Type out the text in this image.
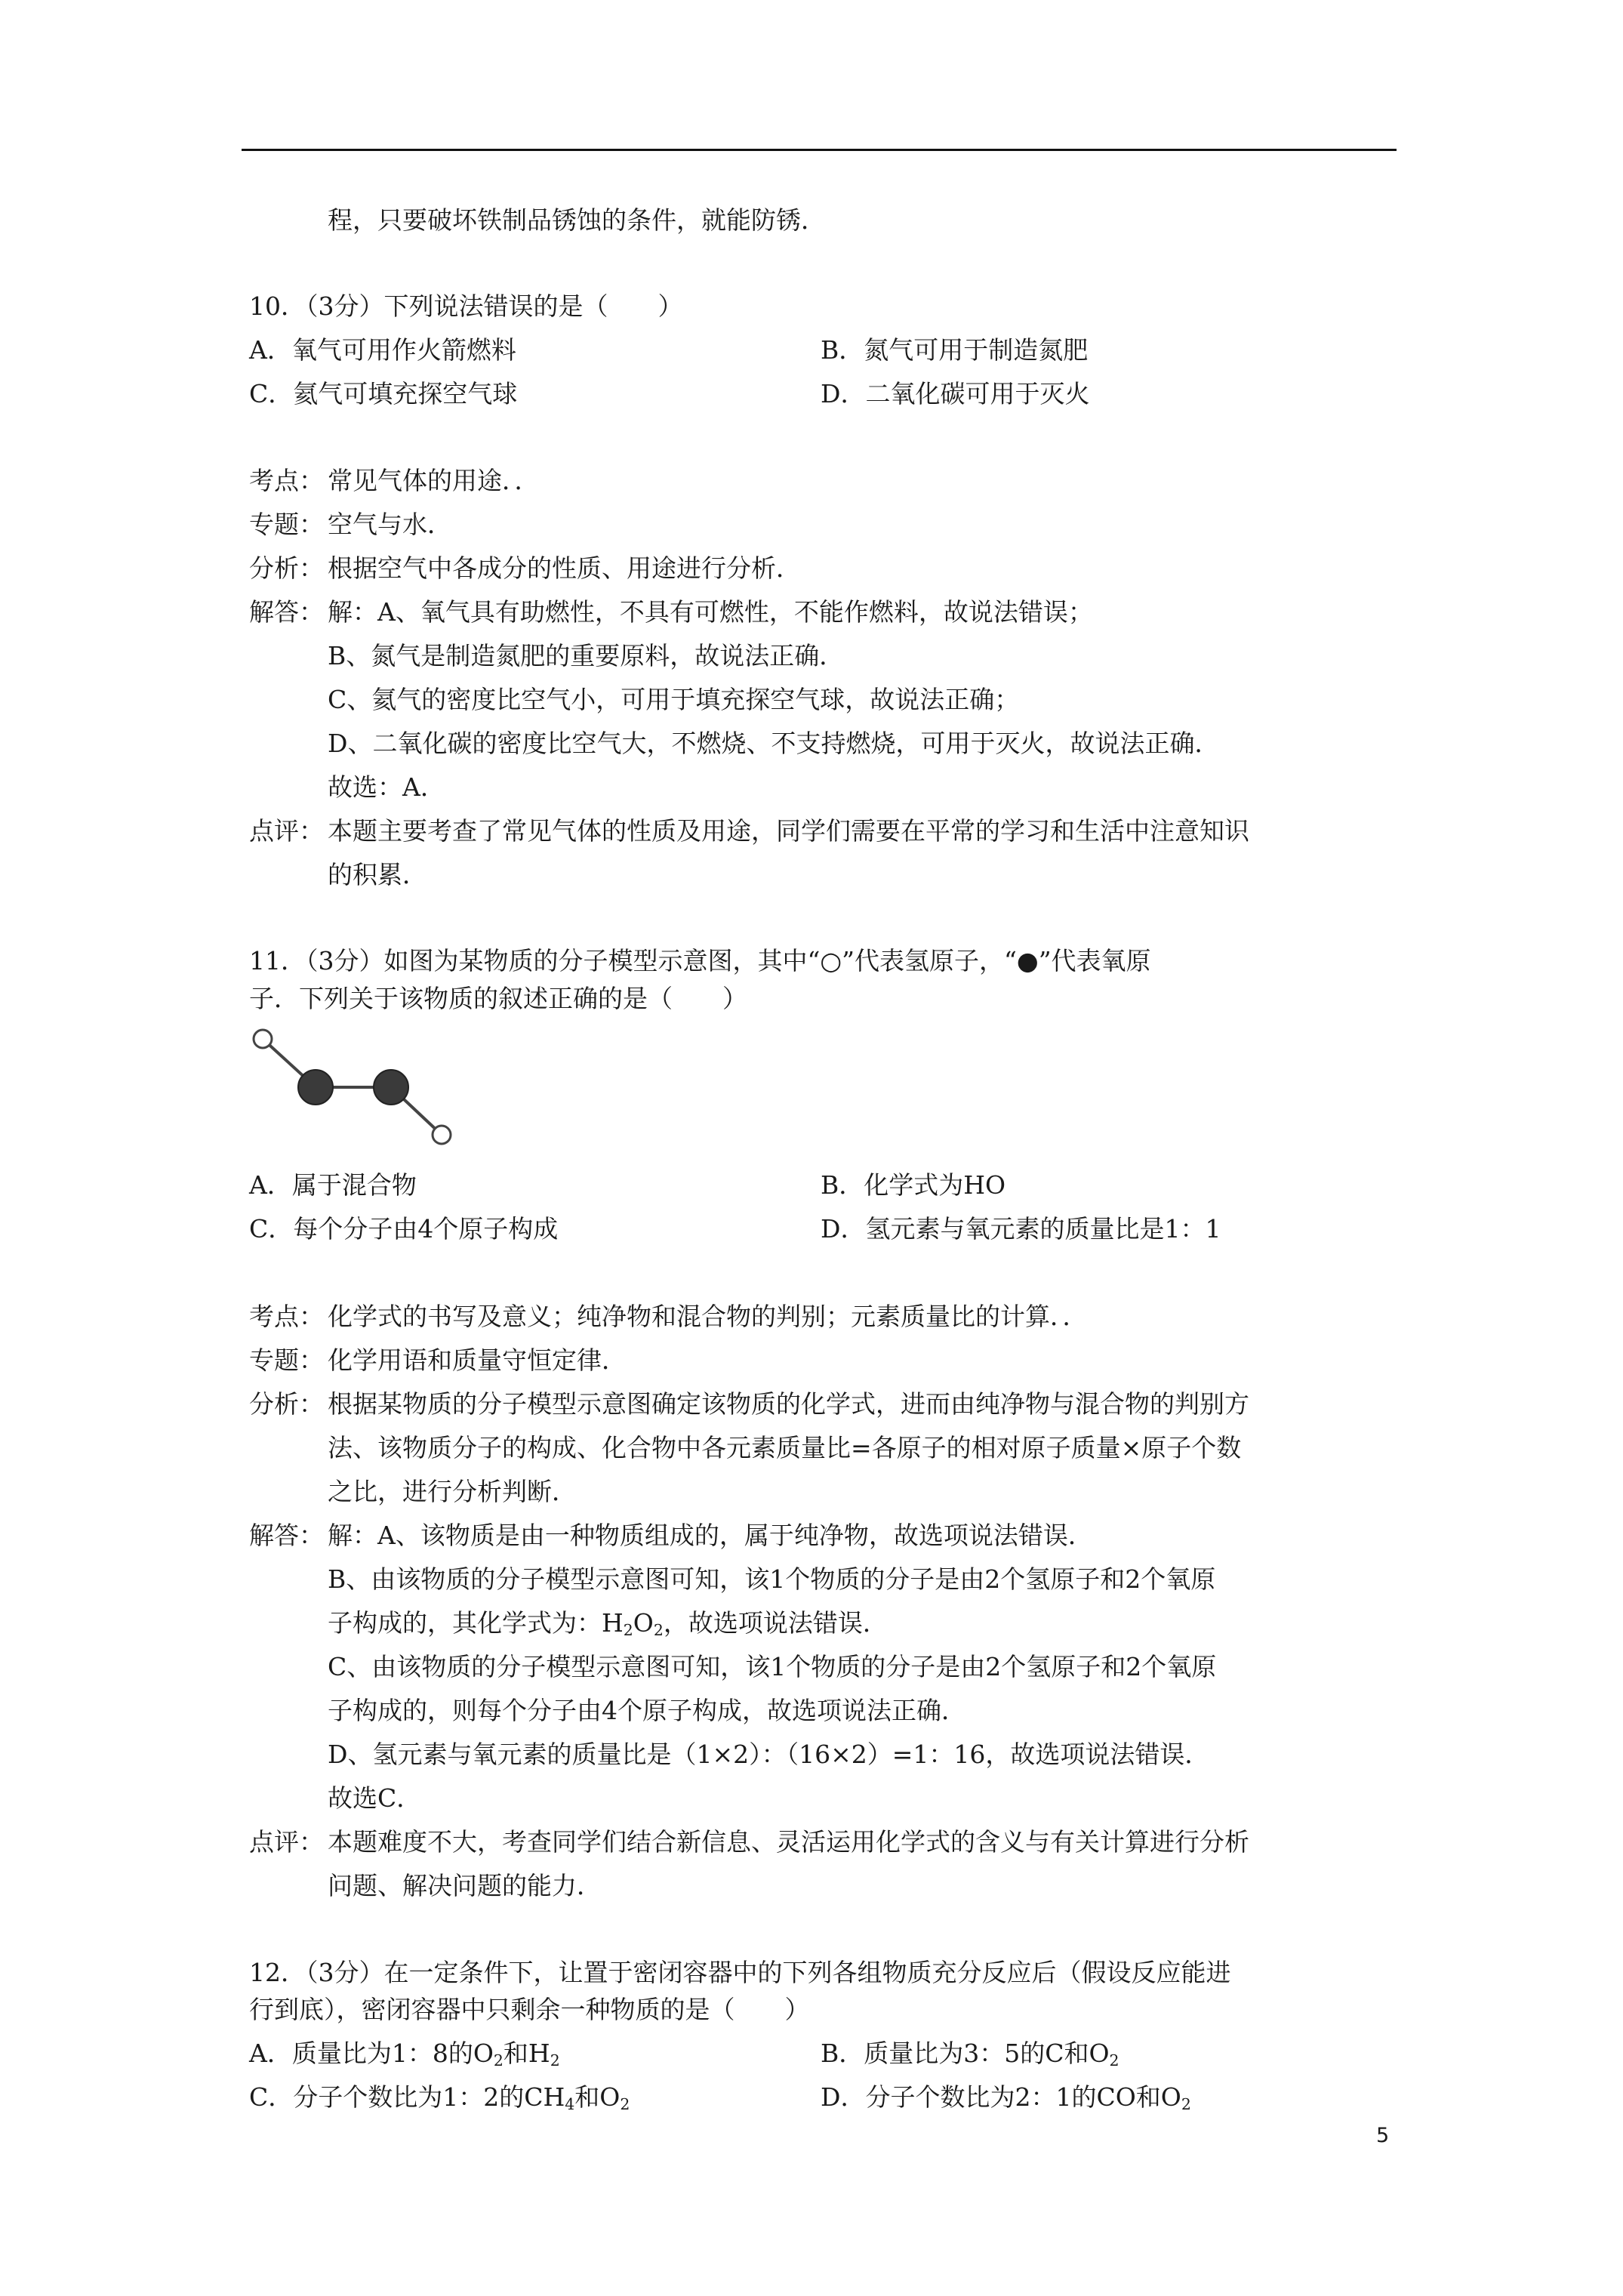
程，只要破坏铁制品锈蚀的条件，就能防锈．
10．（3分）下列说法错误的是（　　）
A．氧气可用作火箭燃料	B．氮气可用于制造氮肥
C．氦气可填充探空气球	D．二氧化碳可用于灭火
考点： 常见气体的用途．．
专题： 空气与水．
分析： 根据空气中各成分的性质、用途进行分析．
解答： 解：A、氧气具有助燃性，不具有可燃性，不能作燃料，故说法错误；
B、氮气是制造氮肥的重要原料，故说法正确．
C、氦气的密度比空气小，可用于填充探空气球，故说法正确；
D、二氧化碳的密度比空气大，不燃烧、不支持燃烧，可用于灭火，故说法正确．
故选：A．
点评： 本题主要考查了常见气体的性质及用途，同学们需要在平常的学习和生活中注意知识
的积累．
11．（3分）如图为某物质的分子模型示意图，其中“○”代表氢原子，“●”代表氧原
子．下列关于该物质的叙述正确的是（　　）
A．属于混合物	B．化学式为HO
C．每个分子由4个原子构成	D．氢元素与氧元素的质量比是1：1
考点： 化学式的书写及意义；纯净物和混合物的判别；元素质量比的计算．．
专题： 化学用语和质量守恒定律．
分析： 根据某物质的分子模型示意图确定该物质的化学式，进而由纯净物与混合物的判别方
法、该物质分子的构成、化合物中各元素质量比=各原子的相对原子质量×原子个数
之比，进行分析判断．
解答： 解：A、该物质是由一种物质组成的，属于纯净物，故选项说法错误．
B、由该物质的分子模型示意图可知，该1个物质的分子是由2个氢原子和2个氧原
子构成的，其化学式为：$H_2O_2$，故选项说法错误．
C、由该物质的分子模型示意图可知，该1个物质的分子是由2个氢原子和2个氧原
子构成的，则每个分子由4个原子构成，故选项说法正确．
D、氢元素与氧元素的质量比是（1×2）：（16×2）=1：16，故选项说法错误．
故选C．
点评： 本题难度不大，考查同学们结合新信息、灵活运用化学式的含义与有关计算进行分析
问题、解决问题的能力．
12．（3分）在一定条件下，让置于密闭容器中的下列各组物质充分反应后（假设反应能进
行到底），密闭容器中只剩余一种物质的是（　　）
A．质量比为1：8的$O_2$和$H_2$	B．质量比为3：5的C和$O_2$
C．分子个数比为1：2的$CH_4$和$O_2$	D．分子个数比为2：1的CO和$O_2$
5
